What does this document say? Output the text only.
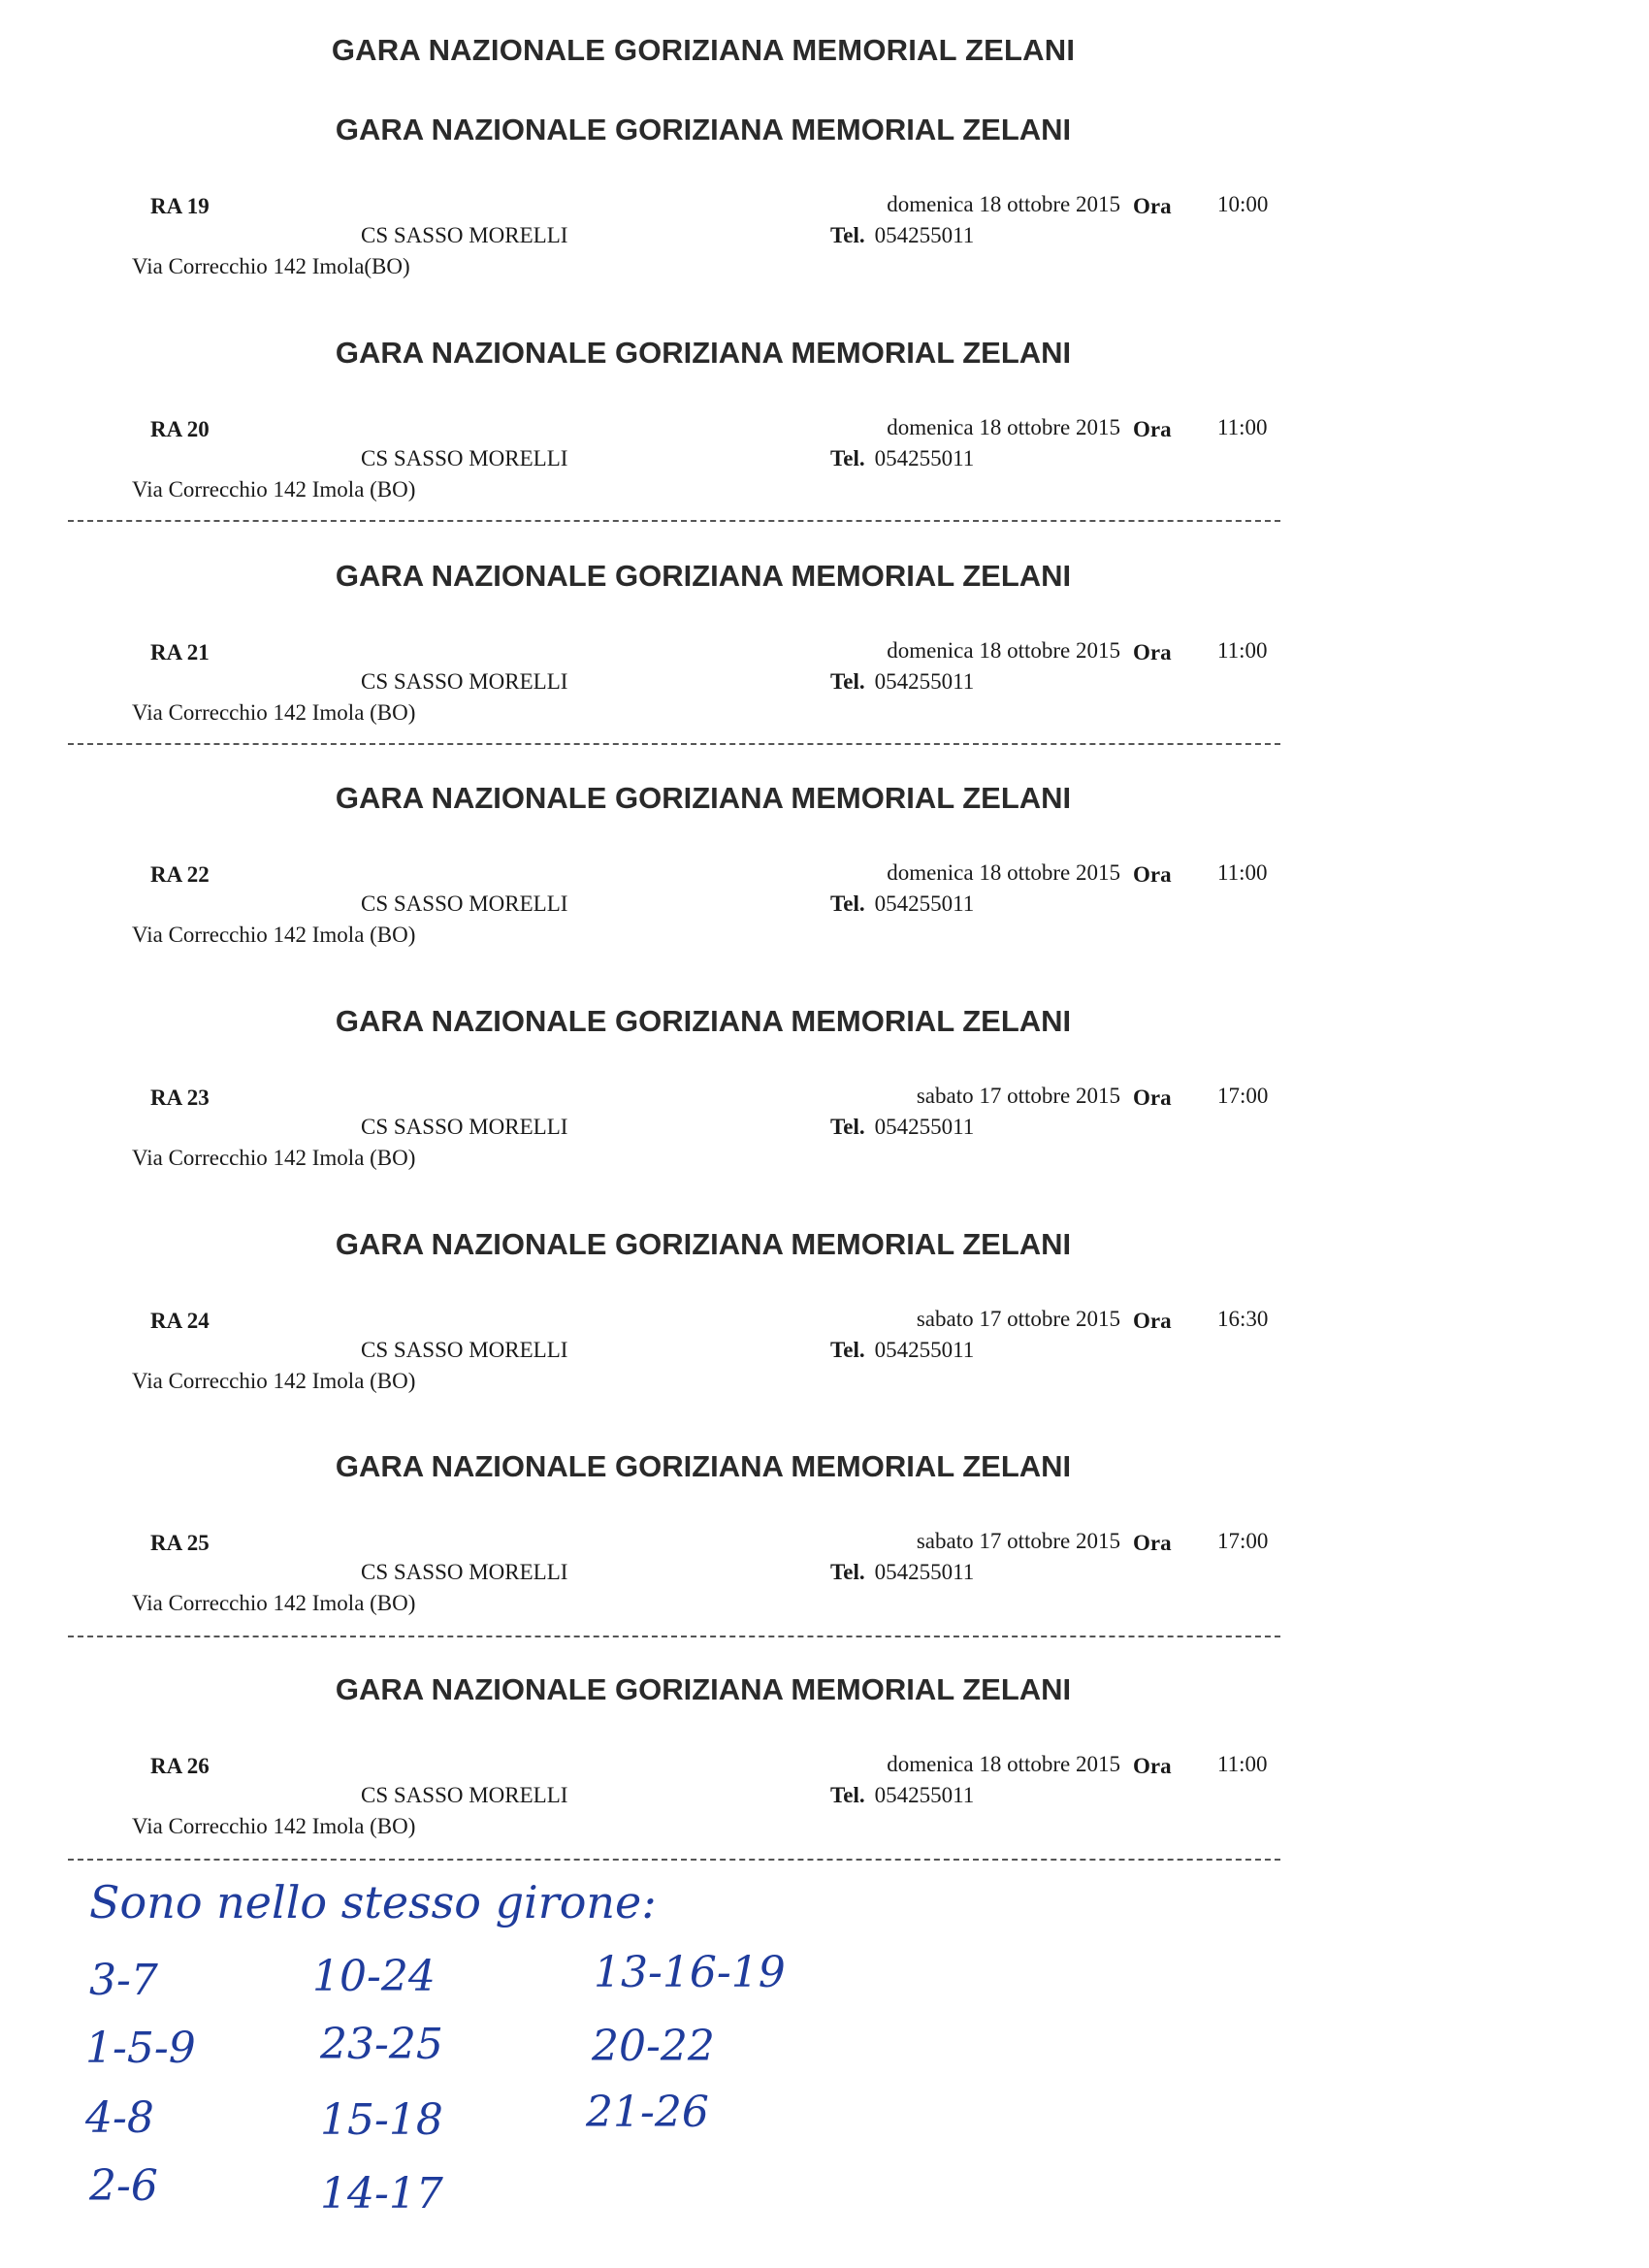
GARA NAZIONALE GORIZIANA MEMORIAL ZELANI
GARA NAZIONALE GORIZIANA MEMORIAL ZELANI
RA 19	domenica 18 ottobre 2015 Ora 10:00
CS SASSO MORELLI	Tel. 054255011
Via Correcchio 142 Imola(BO)
GARA NAZIONALE GORIZIANA MEMORIAL ZELANI
RA 20	domenica 18 ottobre 2015 Ora 11:00
CS SASSO MORELLI	Tel. 054255011
Via Correcchio 142 Imola (BO)
GARA NAZIONALE GORIZIANA MEMORIAL ZELANI
RA 21	domenica 18 ottobre 2015 Ora 11:00
CS SASSO MORELLI	Tel. 054255011
Via Correcchio 142 Imola (BO)
GARA NAZIONALE GORIZIANA MEMORIAL ZELANI
RA 22	domenica 18 ottobre 2015 Ora 11:00
CS SASSO MORELLI	Tel. 054255011
Via Correcchio 142 Imola (BO)
GARA NAZIONALE GORIZIANA MEMORIAL ZELANI
RA 23	sabato 17 ottobre 2015 Ora 17:00
CS SASSO MORELLI	Tel. 054255011
Via Correcchio 142 Imola (BO)
GARA NAZIONALE GORIZIANA MEMORIAL ZELANI
RA 24	sabato 17 ottobre 2015 Ora 16:30
CS SASSO MORELLI	Tel. 054255011
Via Correcchio 142 Imola (BO)
GARA NAZIONALE GORIZIANA MEMORIAL ZELANI
RA 25	sabato 17 ottobre 2015 Ora 17:00
CS SASSO MORELLI	Tel. 054255011
Via Correcchio 142 Imola (BO)
GARA NAZIONALE GORIZIANA MEMORIAL ZELANI
RA 26	domenica 18 ottobre 2015 Ora 11:00
CS SASSO MORELLI	Tel. 054255011
Via Correcchio 142 Imola (BO)
Sono nello stesso girone:
3-7	10-24	13-16-19
1-5-9	23-25	20-22
4-8	15-18	21-26
2-6	14-17
